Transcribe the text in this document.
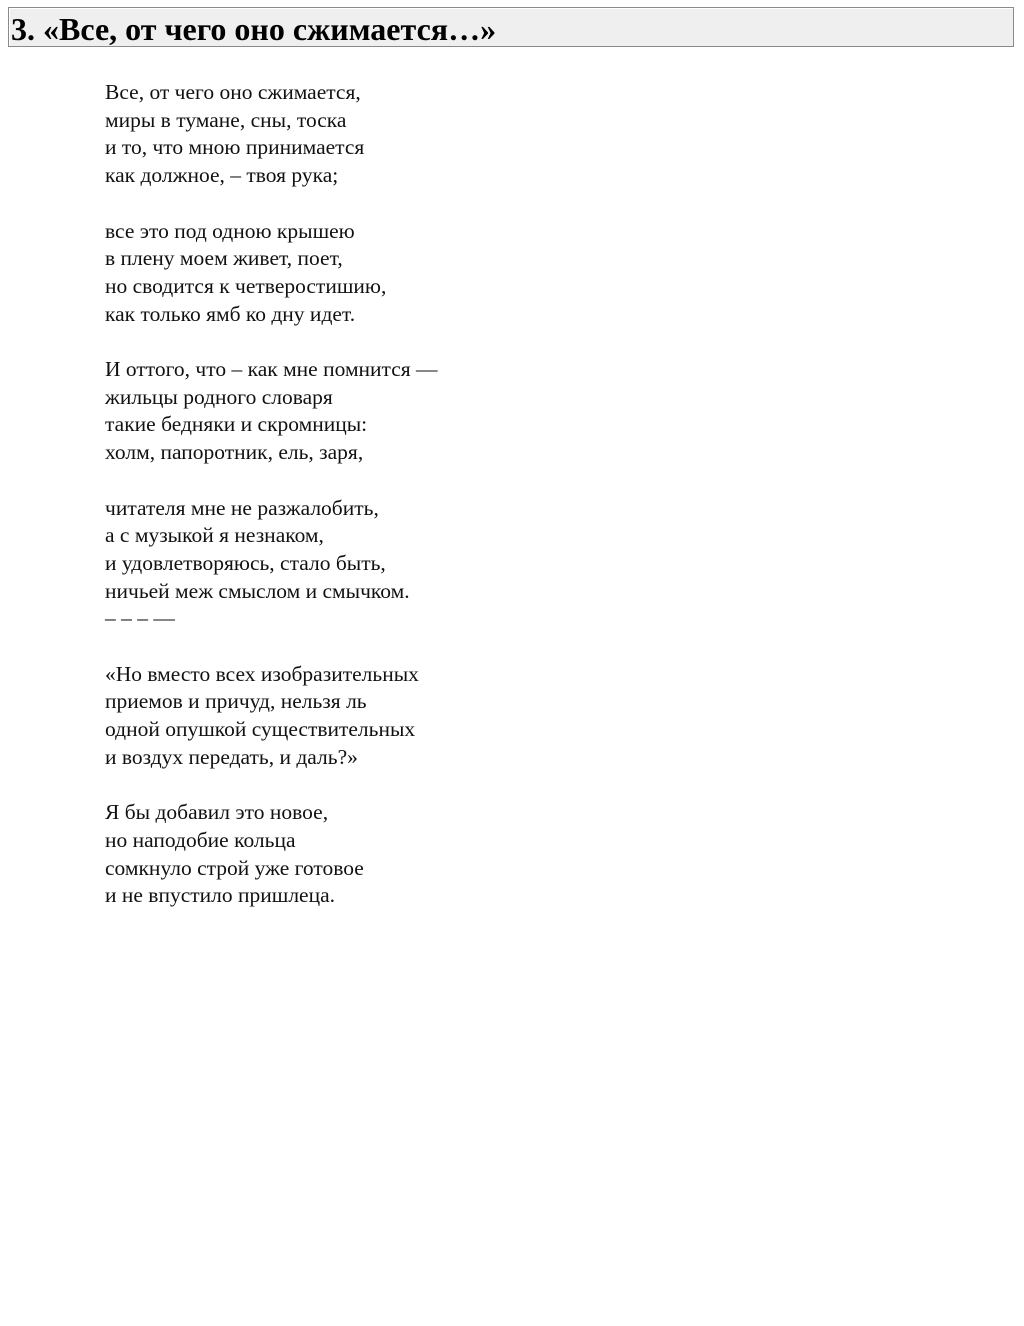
3. «Все, от чего оно сжимается…»
Все, от чего оно сжимается,
миры в тумане, сны, тоска
и то, что мною принимается
как должное, – твоя рука;
все это под одною крышею
в плену моем живет, поет,
но сводится к четверостишию,
как только ямб ко дну идет.
И оттого, что – как мне помнится —
жильцы родного словаря
такие бедняки и скромницы:
холм, папоротник, ель, заря,
читателя мне не разжалобить,
а с музыкой я незнаком,
и удовлетворяюсь, стало быть,
ничьей меж смыслом и смычком.
– – – —
«Но вместо всех изобразительных
приемов и причуд, нельзя ль
одной опушкой существительных
и воздух передать, и даль?»
Я бы добавил это новое,
но наподобие кольца
сомкнуло строй уже готовое
и не впустило пришлеца.
